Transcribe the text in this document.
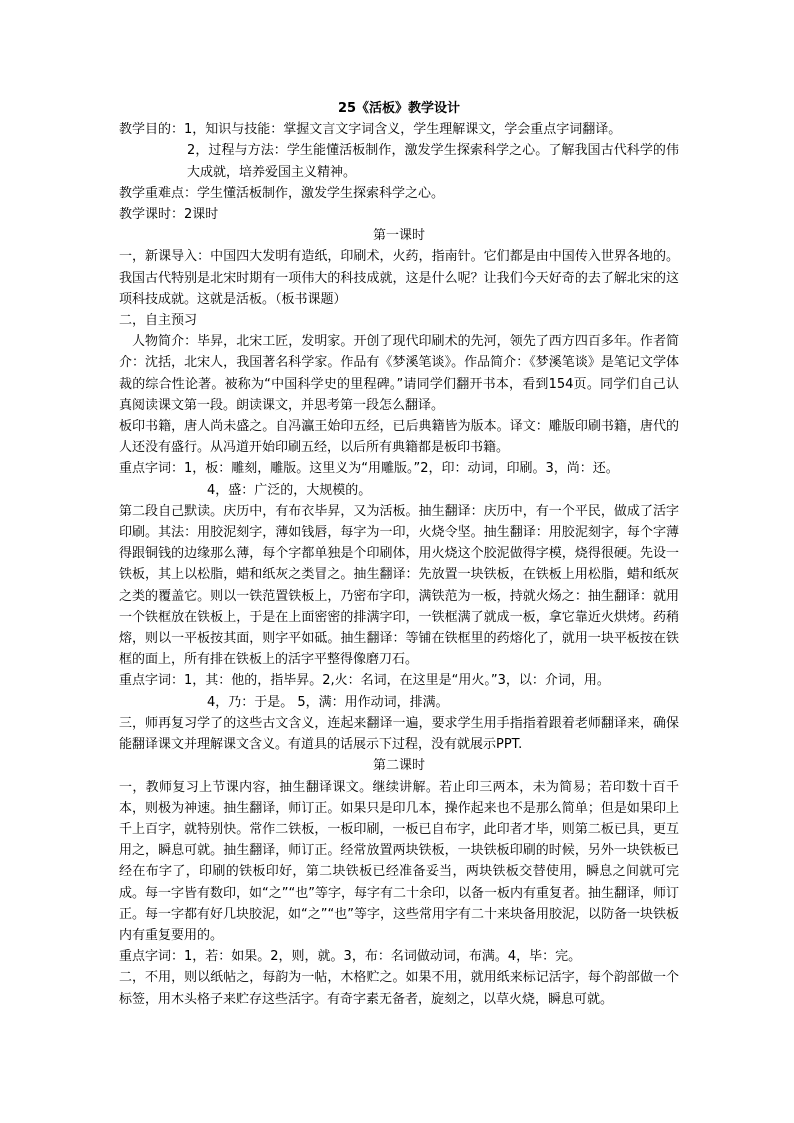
25《活板》教学设计

教学目的：1，知识与技能：掌握文言文字词含义，学生理解课文，学会重点字词翻译。

2，过程与方法：学生能懂活板制作，激发学生探索科学之心。了解我国古代科学的伟大成就，培养爱国主义精神。

教学重难点：学生懂活板制作，激发学生探索科学之心。

教学课时：2课时

第一课时

一，新课导入：中国四大发明有造纸，印刷术，火药，指南针。它们都是由中国传入世界各地的。我国古代特别是北宋时期有一项伟大的科技成就，这是什么呢？让我们今天好奇的去了解北宋的这项科技成就。这就是活板。（板书课题）

二，自主预习

人物简介：毕昇，北宋工匠，发明家。开创了现代印刷术的先河，领先了西方四百多年。作者简介：沈括，北宋人，我国著名科学家。作品有《梦溪笔谈》。作品简介：《梦溪笔谈》是笔记文学体裁的综合性论著。被称为“中国科学史的里程碑。”请同学们翻开书本，看到154页。同学们自己认真阅读课文第一段。朗读课文，并思考第一段怎么翻译。

板印书籍，唐人尚未盛之。自冯瀛王始印五经，已后典籍皆为版本。译文：雕版印刷书籍，唐代的人还没有盛行。从冯道开始印刷五经，以后所有典籍都是板印书籍。

重点字词：1，板：雕刻，雕版。这里义为“用雕版。”2，印：动词，印刷。3，尚：还。

4，盛：广泛的，大规模的。

第二段自己默读。庆历中，有布衣毕昇，又为活板。抽生翻译：庆历中，有一个平民，做成了活字印刷。其法：用胶泥刻字，薄如钱唇，每字为一印，火烧令坚。抽生翻译：用胶泥刻字，每个字薄得跟铜钱的边缘那么薄，每个字都单独是个印刷体，用火烧这个胶泥做得字模，烧得很硬。先设一铁板，其上以松脂，蜡和纸灰之类冒之。抽生翻译：先放置一块铁板，在铁板上用松脂，蜡和纸灰之类的覆盖它。则以一铁范置铁板上，乃密布字印，满铁范为一板，持就火炀之：抽生翻译：就用一个铁框放在铁板上，于是在上面密密的排满字印，一铁框满了就成一板，拿它靠近火烘烤。药稍熔，则以一平板按其面，则字平如砥。抽生翻译：等铺在铁框里的药熔化了，就用一块平板按在铁框的面上，所有排在铁板上的活字平整得像磨刀石。

重点字词：1，其：他的，指毕昇。2,火：名词，在这里是“用火。”3，以：介词，用。

4，乃：于是。 5，满：用作动词，排满。

三，师再复习学了的这些古文含义，连起来翻译一遍，要求学生用手指指着跟着老师翻译来，确保能翻译课文并理解课文含义。有道具的话展示下过程，没有就展示PPT.

第二课时

一，教师复习上节课内容，抽生翻译课文。继续讲解。若止印三两本，未为简易；若印数十百千本，则极为神速。抽生翻译，师订正。如果只是印几本，操作起来也不是那么简单；但是如果印上千上百字，就特别快。常作二铁板，一板印刷，一板已自布字，此印者才毕，则第二板已具，更互用之，瞬息可就。抽生翻译，师订正。经常放置两块铁板，一块铁板印刷的时候，另外一块铁板已经在布字了，印刷的铁板印好，第二块铁板已经准备妥当，两块铁板交替使用，瞬息之间就可完成。每一字皆有数印，如“之”“也”等字，每字有二十余印，以备一板内有重复者。抽生翻译，师订正。每一字都有好几块胶泥，如“之”“也”等字，这些常用字有二十来块备用胶泥，以防备一块铁板内有重复要用的。

重点字词：1，若：如果。2，则，就。3，布：名词做动词，布满。4，毕：完。

二，不用，则以纸帖之，每韵为一帖，木格贮之。如果不用，就用纸来标记活字，每个韵部做一个标签，用木头格子来贮存这些活字。有奇字素无备者，旋刻之，以草火烧，瞬息可就。
